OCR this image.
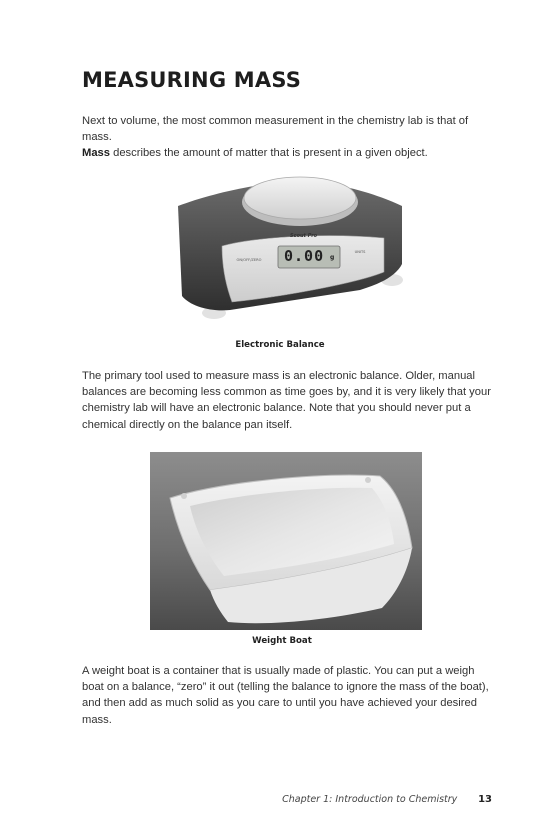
MEASURING MASS

Next to volume, the most common measurement in the chemistry lab is that of mass.
Mass describes the amount of matter that is present in a given object.

Scout Pro
0.00 g
ON/OFF/ZERO
UNITS

Electronic Balance

The primary tool used to measure mass is an electronic balance. Older, manual balances are becoming less common as time goes by, and it is very likely that your chemistry lab will have an electronic balance. Note that you should never put a chemical directly on the balance pan itself.

Weight Boat

A weight boat is a container that is usually made of plastic. You can put a weigh boat on a balance, “zero” it out (telling the balance to ignore the mass of the boat), and then add as much solid as you care to until you have achieved your desired mass.

Chapter 1: Introduction to Chemistry 13
